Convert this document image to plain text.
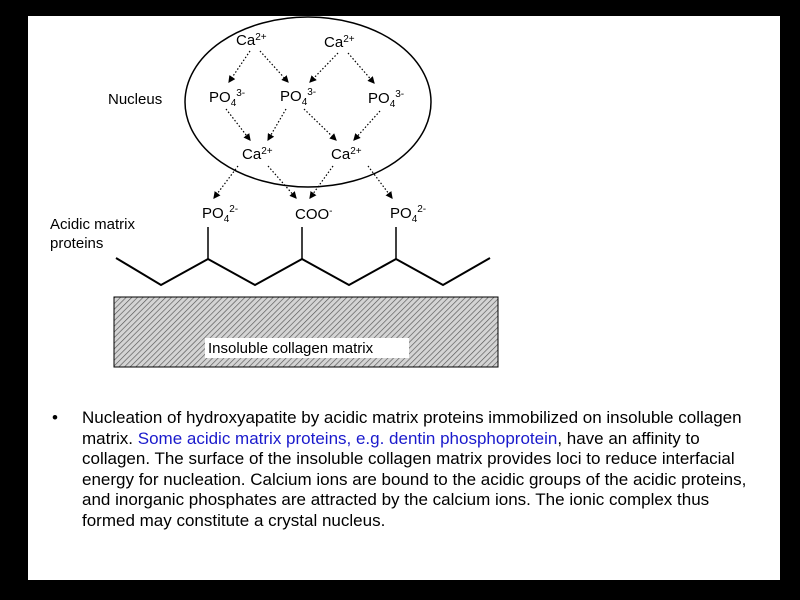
Nucleus
Acidic matrix proteins
$Ca^{2+}$	$Ca^{2+}$
$PO_4^{3-}$ $PO_4^{3-}$	$PO_4^{3-}$
$Ca^{2+}$	$Ca^{2+}$
$PO_4^{2-}$	COO-	$PO_4^{2-}$
Insoluble collagen matrix
• Nucleation of hydroxyapatite by acidic matrix proteins immobilized on insoluble collagen matrix. Some acidic matrix proteins, e.g. dentin phosphoprotein, have an affinity to collagen. The surface of the insoluble collagen matrix provides loci to reduce interfacial energy for nucleation. Calcium ions are bound to the acidic groups of the acidic proteins, and inorganic phosphates are attracted by the calcium ions. The ionic complex thus formed may constitute a crystal nucleus.
